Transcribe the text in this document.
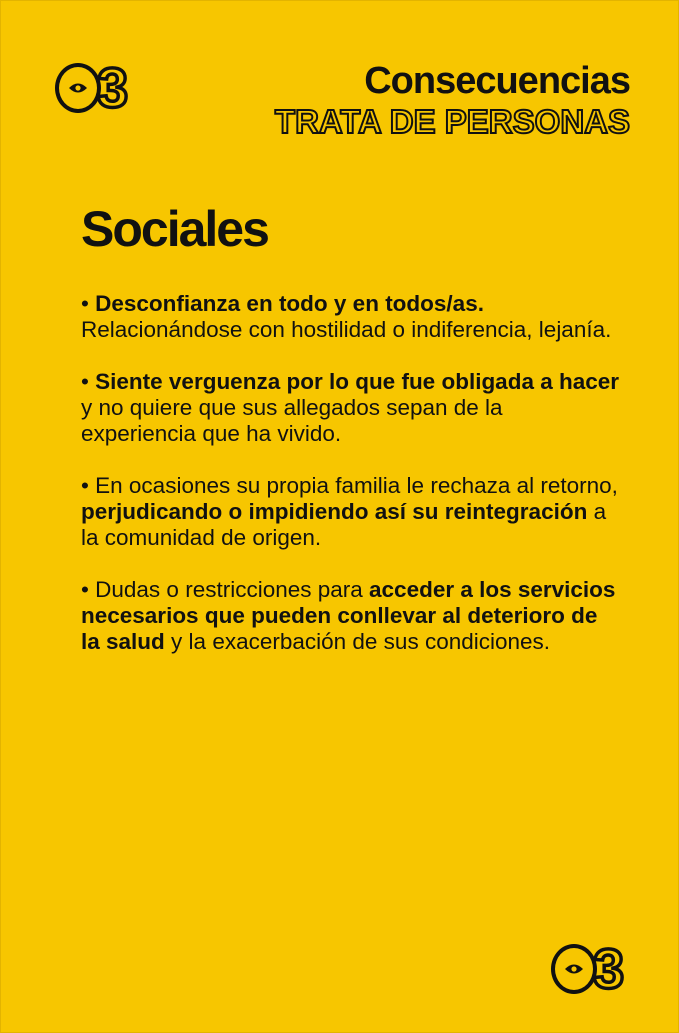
3	Consecuencias
TRATA DE PERSONAS
Sociales

• Desconfianza en todo y en todos/as. Relacionándose con hostilidad o indiferencia, lejanía.

• Siente verguenza por lo que fue obligada a hacer y no quiere que sus allegados sepan de la experiencia que ha vivido.

• En ocasiones su propia familia le rechaza al retorno, perjudicando o impidiendo así su reintegración a la comunidad de origen.

• Dudas o restricciones para acceder a los servicios necesarios que pueden conllevar al deterioro de la salud y la exacerbación de sus condiciones.

3
